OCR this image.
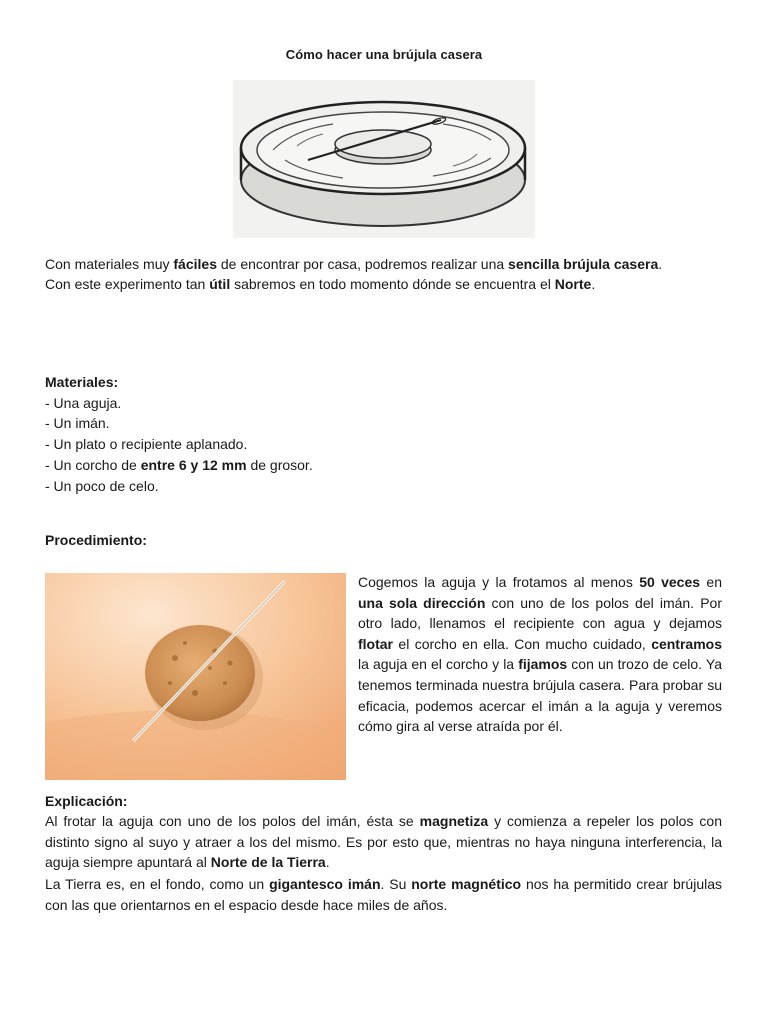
Cómo hacer una brújula casera
Con materiales muy fáciles de encontrar por casa, podremos realizar una sencilla brújula casera.
Con este experimento tan útil sabremos en todo momento dónde se encuentra el Norte.
Materiales:
- Una aguja.
- Un imán.
- Un plato o recipiente aplanado.
- Un corcho de entre 6 y 12 mm de grosor.
- Un poco de celo.
Procedimiento:
Cogemos la aguja y la frotamos al menos 50 veces en una sola dirección con uno de los polos del imán. Por otro lado, llenamos el recipiente con agua y dejamos flotar el corcho en ella. Con mucho cuidado, centramos la aguja en el corcho y la fijamos con un trozo de celo. Ya tenemos terminada nuestra brújula casera. Para probar su eficacia, podemos acercar el imán a la aguja y veremos cómo gira al verse atraída por él.
Explicación:
Al frotar la aguja con uno de los polos del imán, ésta se magnetiza y comienza a repeler los polos con distinto signo al suyo y atraer a los del mismo. Es por esto que, mientras no haya ninguna interferencia, la aguja siempre apuntará al Norte de la Tierra.
La Tierra es, en el fondo, como un gigantesco imán. Su norte magnético nos ha permitido crear brújulas con las que orientarnos en el espacio desde hace miles de años.
